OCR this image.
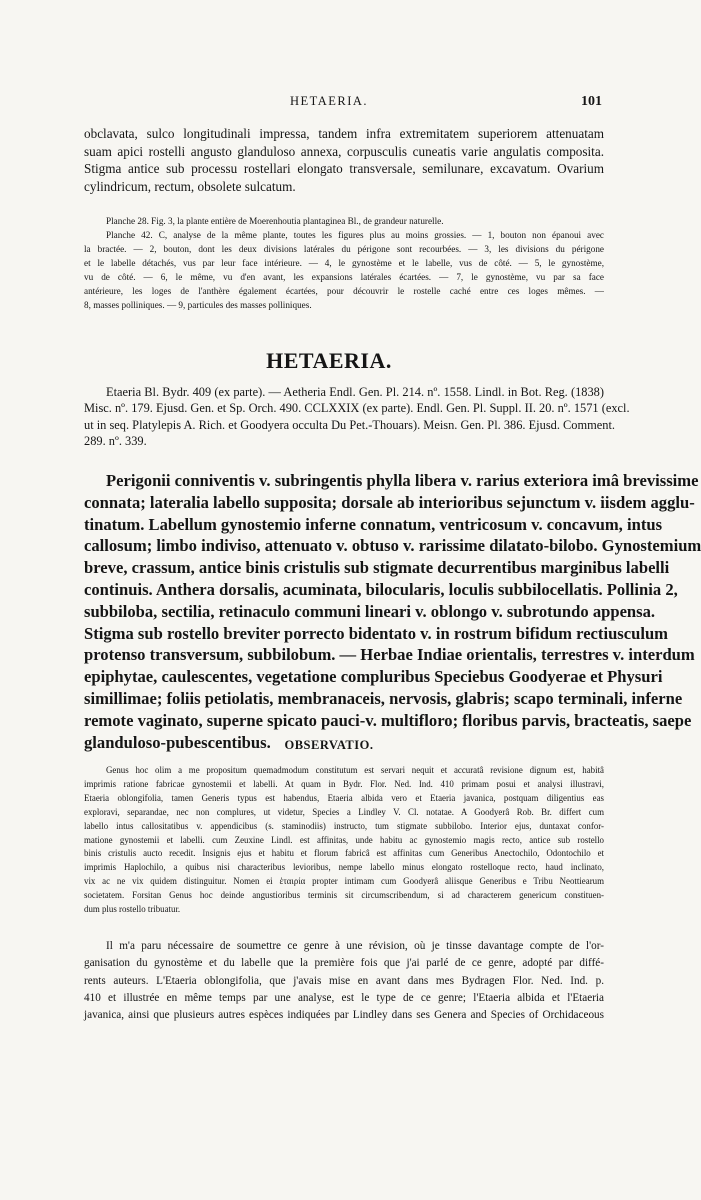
HETAERIA.	101
obclavata, sulco longitudinali impressa, tandem infra extremitatem superiorem attenuatam
suam apici rostelli angusto glanduloso annexa, corpusculis cuneatis varie angulatis composita.
Stigma antice sub processu rostellari elongato transversale, semilunare, excavatum. Ovarium
cylindricum, rectum, obsolete sulcatum.
Planche 28. Fig. 3, la plante entière de Moerenhoutia plantaginea Bl., de grandeur naturelle.
Planche 42. C, analyse de la même plante, toutes les figures plus au moins grossies. — 1, bouton non épanoui avec
la bractée. — 2, bouton, dont les deux divisions latérales du périgone sont recourbées. — 3, les divisions du périgone
et le labelle détachés, vus par leur face intérieure. — 4, le gynostème et le labelle, vus de côté. — 5, le gynostème,
vu de côté. — 6, le même, vu d'en avant, les expansions latérales écartées. — 7, le gynostème, vu par sa face
antérieure, les loges de l'anthère également écartées, pour découvrir le rostelle caché entre ces loges mêmes. —
8, masses polliniques. — 9, particules des masses polliniques.
HETAERIA.
Etaeria Bl. Bydr. 409 (ex parte). — Aetheria Endl. Gen. Pl. 214. nº. 1558. Lindl. in Bot. Reg. (1838)
Misc. nº. 179. Ejusd. Gen. et Sp. Orch. 490. CCLXXIX (ex parte). Endl. Gen. Pl. Suppl. II. 20. nº. 1571 (excl.
ut in seq. Platylepis A. Rich. et Goodyera occulta Du Pet.-Thouars). Meisn. Gen. Pl. 386. Ejusd. Comment.
289. nº. 339.
Perigonii conniventis v. subringentis phylla libera v. rarius exteriora imâ brevissime
connata; lateralia labello supposita; dorsale ab interioribus sejunctum v. iisdem agglu-
tinatum. Labellum gynostemio inferne connatum, ventricosum v. concavum, intus
callosum; limbo indiviso, attenuato v. obtuso v. rarissime dilatato-bilobo. Gynostemium
breve, crassum, antice binis cristulis sub stigmate decurrentibus marginibus labelli
continuis. Anthera dorsalis, acuminata, bilocularis, loculis subbilocellatis. Pollinia 2,
subbiloba, sectilia, retinaculo communi lineari v. oblongo v. subrotundo appensa.
Stigma sub rostello breviter porrecto bidentato v. in rostrum bifidum rectiusculum
protenso transversum, subbilobum. — Herbae Indiae orientalis, terrestres v. interdum
epiphytae, caulescentes, vegetatione compluribus Speciebus Goodyerae et Physuri
simillimae; foliis petiolatis, membranaceis, nervosis, glabris; scapo terminali, inferne
remote vaginato, superne spicato pauci-v. multifloro; floribus parvis, bracteatis, saepe
glanduloso-pubescentibus.	OBSERVATIO.
Genus hoc olim a me propositum quemadmodum constitutum est servari nequit et accuratâ revisione dignum est, habitâ
imprimis ratione fabricae gynostemii et labelli. At quam in Bydr. Flor. Ned. Ind. 410 primam posui et analysi illustravi,
Etaeria oblongifolia, tamen Generis typus est habendus, Etaeria albida vero et Etaeria javanica, postquam diligentius eas
exploravi, separandae, nec non complures, ut videtur, Species a Lindley V. Cl. notatae. A Goodyerâ Rob. Br. differt cum
labello intus callositatibus v. appendicibus (s. staminodiis) instructo, tum stigmate subbilobo. Interior ejus, duntaxat confor-
matione gynostemii et labelli. cum Zeuxine Lindl. est affinitas, unde habitu ac gynostemio magis recto, antice sub rostello
binis cristulis aucto recedit. Insignis ejus et habitu et florum fabricâ est affinitas cum Generibus Anectochilo, Odontochilo et
imprimis Haplochilo, a quibus nisi characteribus levioribus, nempe labello minus elongato rostelloque recto, haud inclinato,
vix ac ne vix quidem distinguitur. Nomen ei ἑταιρία propter intimam cum Goodyerâ aliisque Generibus e Tribu Neottiearum
societatem. Forsitan Genus hoc deinde angustioribus terminis sit circumscribendum, si ad characterem genericum constituen-
dum plus rostello tribuatur.
Il m'a paru nécessaire de soumettre ce genre à une révision, où je tinsse davantage compte de l'or-
ganisation du gynostème et du labelle que la première fois que j'ai parlé de ce genre, adopté par diffé-
rents auteurs. L'Etaeria oblongifolia, que j'avais mise en avant dans mes Bydragen Flor. Ned. Ind. p.
410 et illustrée en même temps par une analyse, est le type de ce genre; l'Etaeria albida et l'Etaeria
javanica, ainsi que plusieurs autres espèces indiquées par Lindley dans ses Genera and Species of Orchidaceous
